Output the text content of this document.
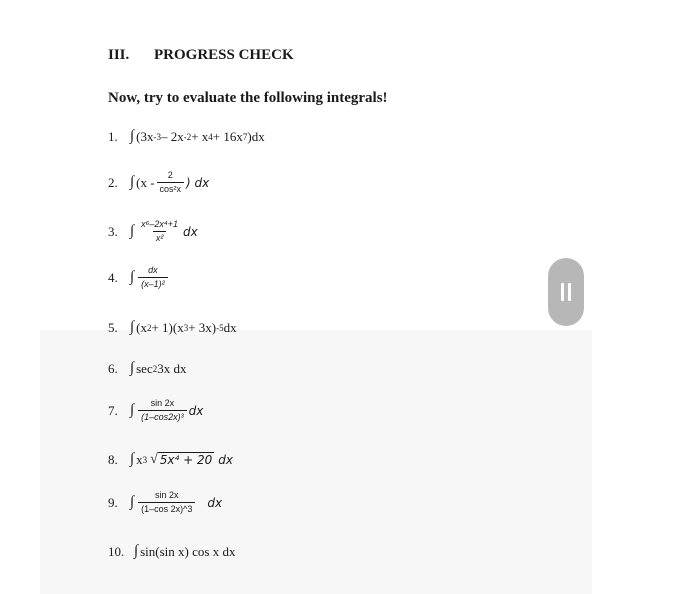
III. PROGRESS CHECK
Now, try to evaluate the following integrals!
1. ∫ (3x -3 – 2x -2 + x 4 + 16x 7 )dx
2. ∫ ($x - \frac{2}{\text{cos²x}}$ ) dx
3. ∫ $\frac{\text{x⁶–2x⁴+1}}{\text{x²}}$ dx
4. ∫ $\frac{dx}{\text{(x–1)²}}$
5. ∫ (x 2 + 1)(x 3 + 3x) -5 dx
6. ∫ sec 2 3x dx
7. ∫ $\frac{\sin 2x}{\text{(1–cos2x)³}}$ dx
8. ∫ x 3 √ 5x⁴ + 20 dx
9. ∫ $\frac{\sin 2x}{(1-\cos 2x)\^{}3}$ dx
10. ∫ sin(sin x) cos x dx
